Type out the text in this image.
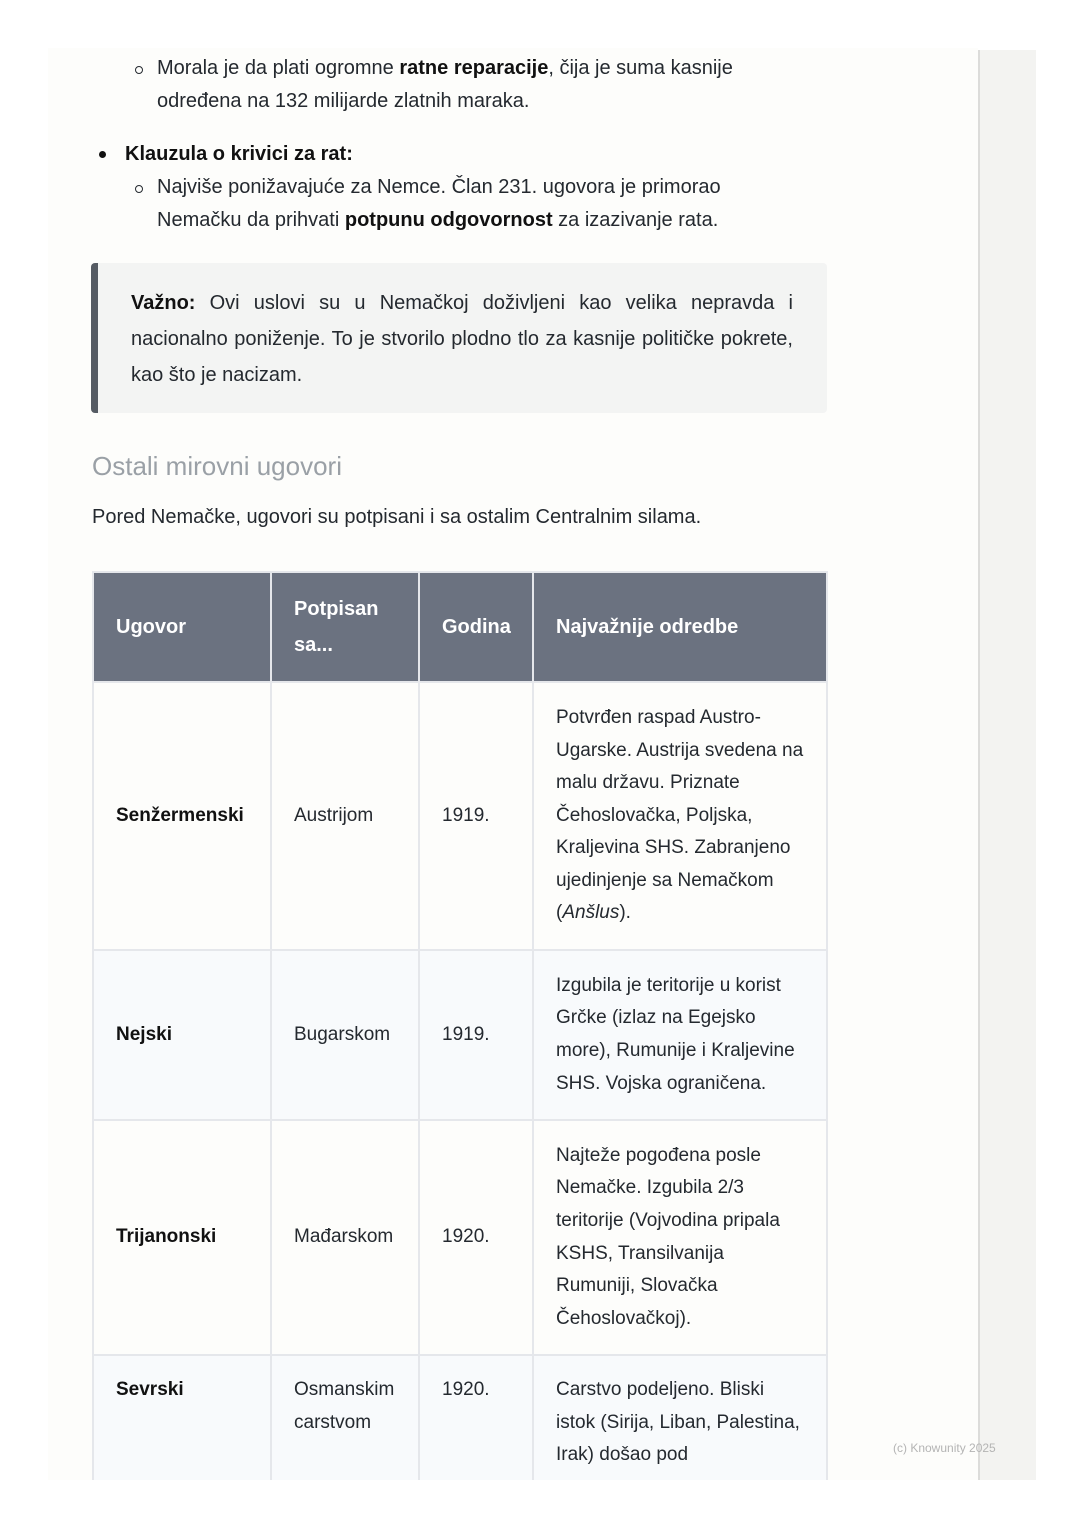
Morala je da plati ogromne ratne reparacije, čija je suma kasnije određena na 132 milijarde zlatnih maraka.
Klauzula o krivici za rat:
Najviše ponižavajuće za Nemce. Član 231. ugovora je primorao Nemačku da prihvati potpunu odgovornost za izazivanje rata.
Važno: Ovi uslovi su u Nemačkoj doživljeni kao velika nepravda i nacionalno poniženje. To je stvorilo plodno tlo za kasnije političke pokrete, kao što je nacizam.
Ostali mirovni ugovori
Pored Nemačke, ugovori su potpisani i sa ostalim Centralnim silama.
Ugovor	Potpisan sa...	Godina	Najvažnije odredbe
Senžermenski	Austrijom	1919.	Potvrđen raspad Austro-Ugarske. Austrija svedena na malu državu. Priznate Čehoslovačka, Poljska, Kraljevina SHS. Zabranjeno ujedinjenje sa Nemačkom (Anšlus).
Nejski	Bugarskom	1919.	Izgubila je teritorije u korist Grčke (izlaz na Egejsko more), Rumunije i Kraljevine SHS. Vojska ograničena.
Trijanonski	Mađarskom	1920.	Najteže pogođena posle Nemačke. Izgubila 2/3 teritorije (Vojvodina pripala KSHS, Transilvanija Rumuniji, Slovačka Čehoslovačkoj).
Sevrski	Osmanskim carstvom	1920.	Carstvo podeljeno. Bliski istok (Sirija, Liban, Palestina, Irak) došao pod	(c) Knowunity 2025
